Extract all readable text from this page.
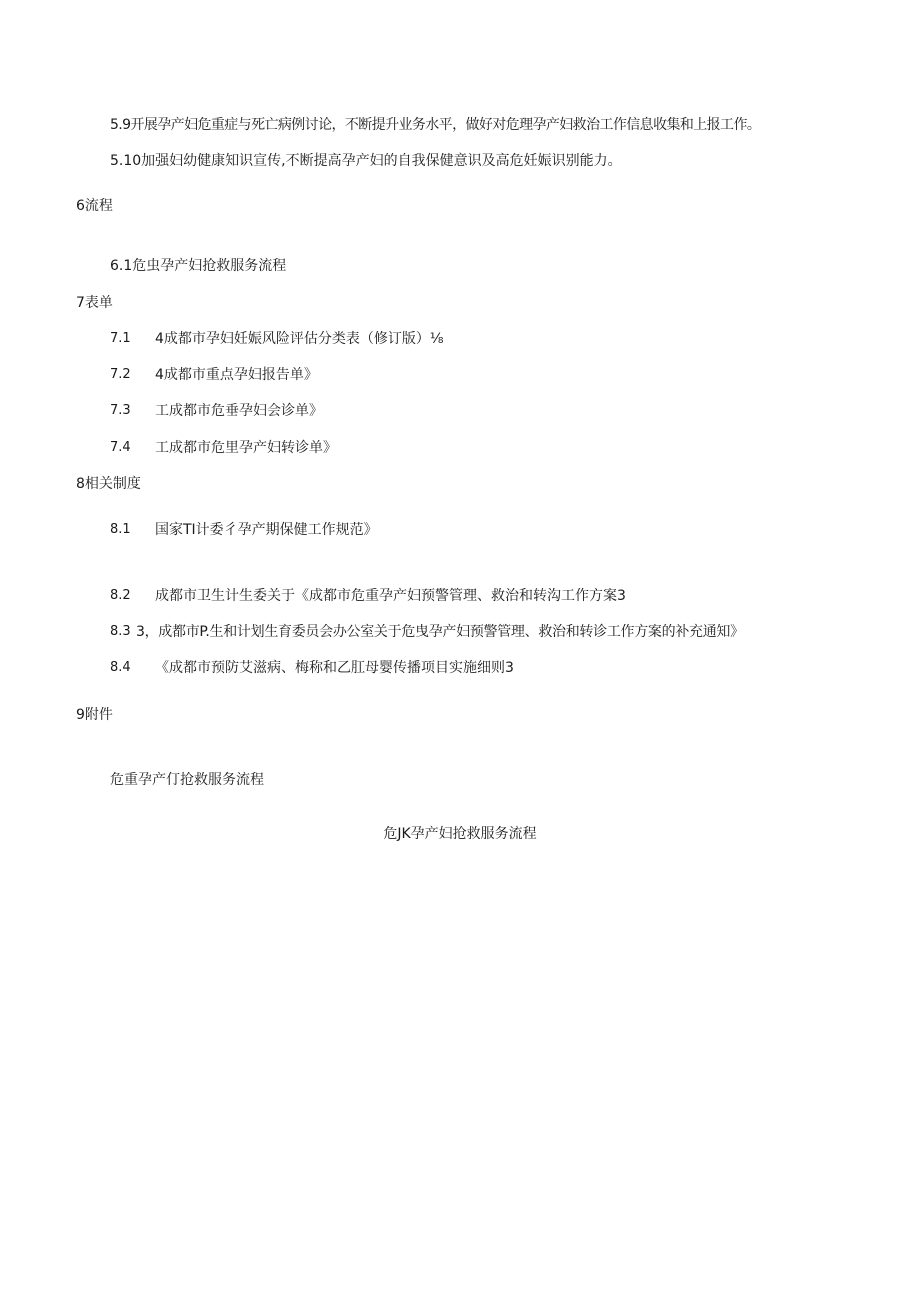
5.9开展孕产妇危重症与死亡病例讨论，不断提升业务水平，做好对危理孕产妇救治工作信息收集和上报工作。
5.10加强妇幼健康知识宣传,不断提高孕产妇的自我保健意识及高危妊娠识别能力。
6流程
6.1危虫孕产妇抢救服务流程
7表单
7.1 4成都市孕妇妊娠风险评估分类表（修订版）⅛
7.2 4成都市重点孕妇报告单》
7.3 工成都市危垂孕妇会诊单》
7.4 工成都市危里孕产妇转诊单》
8相关制度
8.1 国家TI计委彳孕产期保健工作规范》
8.2 成都市卫生计生委关于《成都市危重孕产妇预警管理、救治和转沟工作方案3
8.3 3，成都市P.生和计划生育委员会办公室关于危曳孕产妇预警管理、救治和转诊工作方案的补充通知》
8.4 《成都市预防艾滋病、梅称和乙肛母婴传播项目实施细则3
9附件
危重孕产仃抢救服务流程
危JK孕产妇抢救服务流程
